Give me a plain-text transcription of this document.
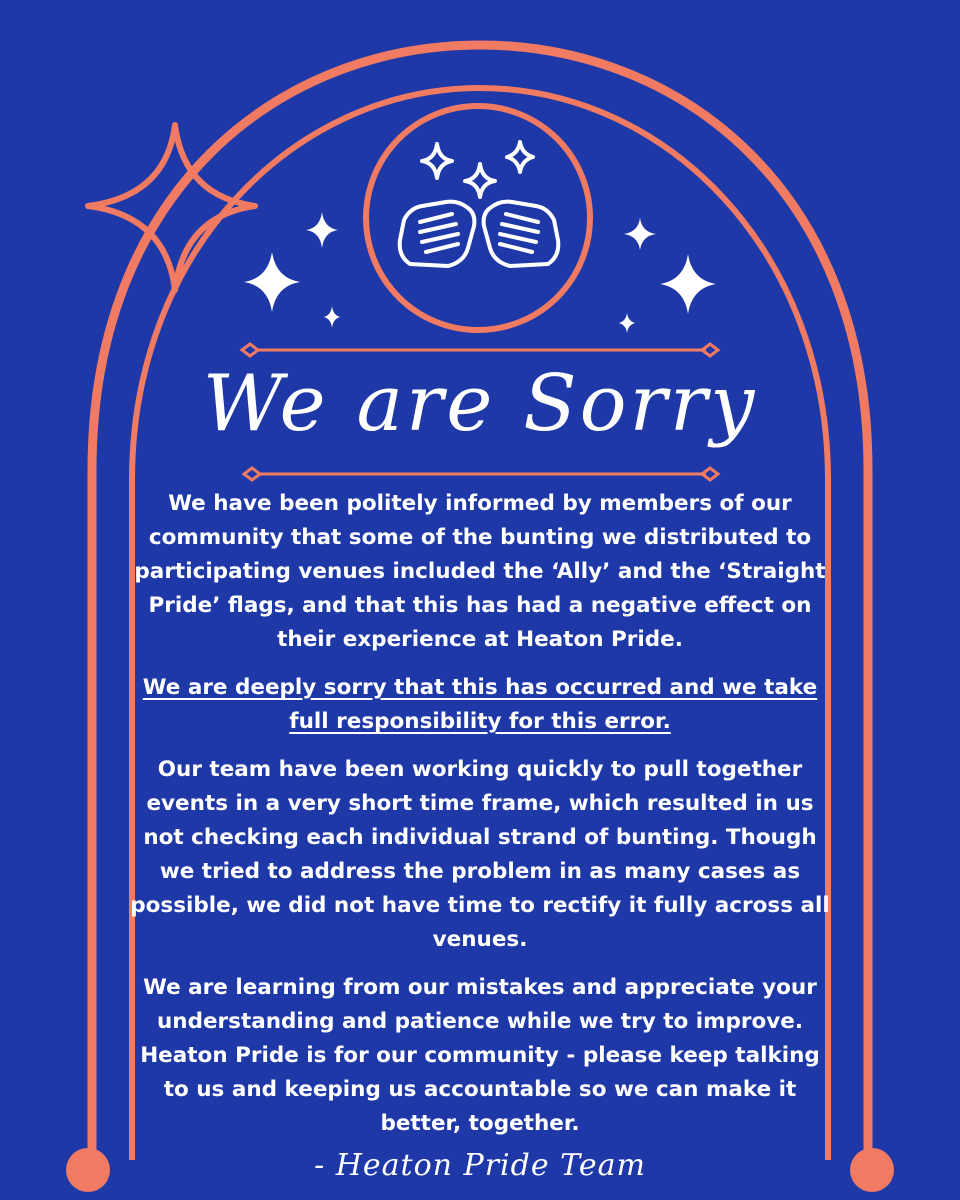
We are Sorry

We have been politely informed by members of our community that some of the bunting we distributed to participating venues included the ‘Ally’ and the ‘Straight Pride’ flags, and that this has had a negative effect on their experience at Heaton Pride.

We are deeply sorry that this has occurred and we take full responsibility for this error.

Our team have been working quickly to pull together events in a very short time frame, which resulted in us not checking each individual strand of bunting. Though we tried to address the problem in as many cases as possible, we did not have time to rectify it fully across all venues.

We are learning from our mistakes and appreciate your understanding and patience while we try to improve. Heaton Pride is for our community - please keep talking to us and keeping us accountable so we can make it better, together.

- Heaton Pride Team
